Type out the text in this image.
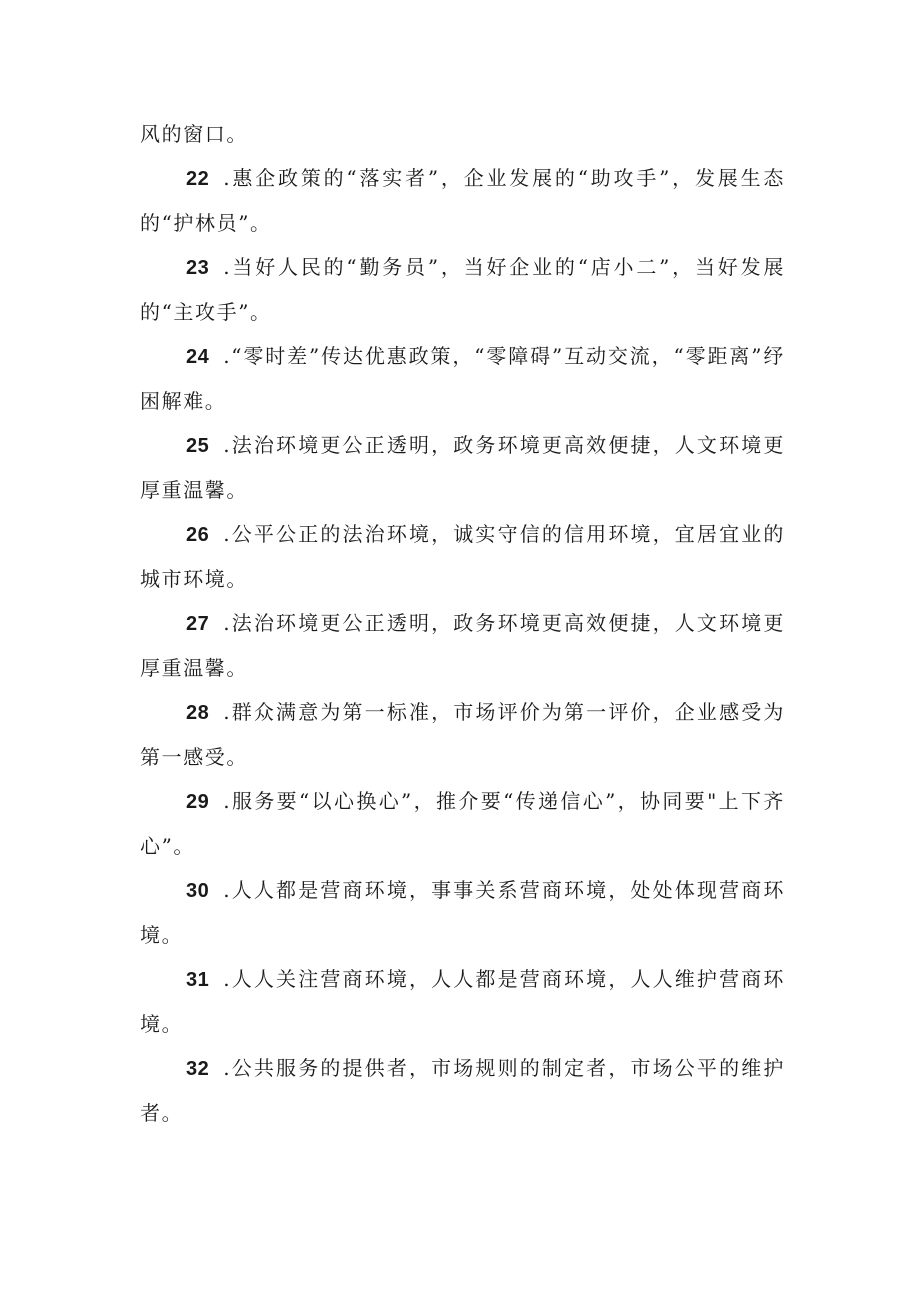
风的窗口。

22 .惠企政策的“落实者”，企业发展的“助攻手”，发展生态的“护林员”。

23 .当好人民的“勤务员”，当好企业的“店小二”，当好发展的“主攻手”。

24 .“零时差”传达优惠政策，“零障碍”互动交流，“零距离”纾困解难。

25 .法治环境更公正透明，政务环境更高效便捷，人文环境更厚重温馨。

26 .公平公正的法治环境，诚实守信的信用环境，宜居宜业的城市环境。

27 .法治环境更公正透明，政务环境更高效便捷，人文环境更厚重温馨。

28 .群众满意为第一标准，市场评价为第一评价，企业感受为第一感受。

29 .服务要“以心换心”，推介要“传递信心”，协同要"上下齐心”。

30 .人人都是营商环境，事事关系营商环境，处处体现营商环境。

31 .人人关注营商环境，人人都是营商环境，人人维护营商环境。

32 .公共服务的提供者，市场规则的制定者，市场公平的维护者。
